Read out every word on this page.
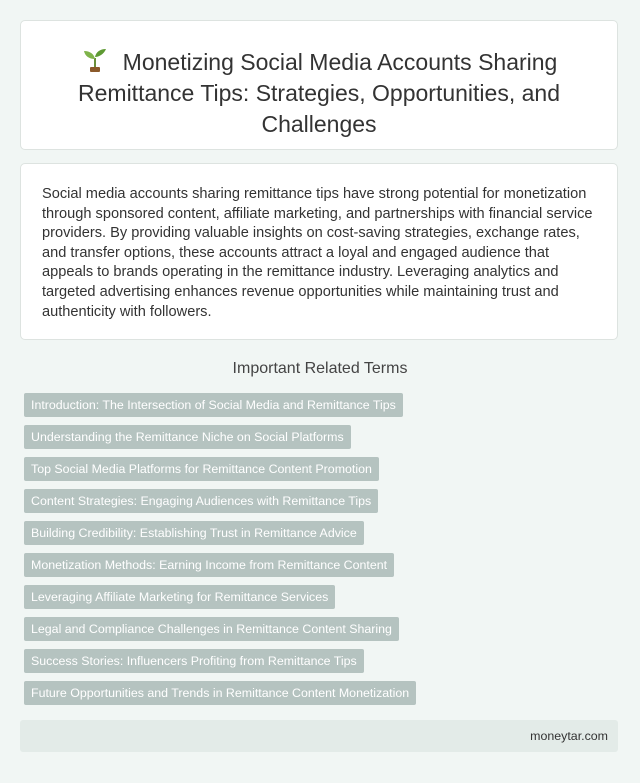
Monetizing Social Media Accounts Sharing Remittance Tips: Strategies, Opportunities, and Challenges

Social media accounts sharing remittance tips have strong potential for monetization through sponsored content, affiliate marketing, and partnerships with financial service providers. By providing valuable insights on cost-saving strategies, exchange rates, and transfer options, these accounts attract a loyal and engaged audience that appeals to brands operating in the remittance industry. Leveraging analytics and targeted advertising enhances revenue opportunities while maintaining trust and authenticity with followers.

Important Related Terms
Introduction: The Intersection of Social Media and Remittance Tips
Understanding the Remittance Niche on Social Platforms
Top Social Media Platforms for Remittance Content Promotion
Content Strategies: Engaging Audiences with Remittance Tips
Building Credibility: Establishing Trust in Remittance Advice
Monetization Methods: Earning Income from Remittance Content
Leveraging Affiliate Marketing for Remittance Services
Legal and Compliance Challenges in Remittance Content Sharing
Success Stories: Influencers Profiting from Remittance Tips
Future Opportunities and Trends in Remittance Content Monetization
moneytar.com
